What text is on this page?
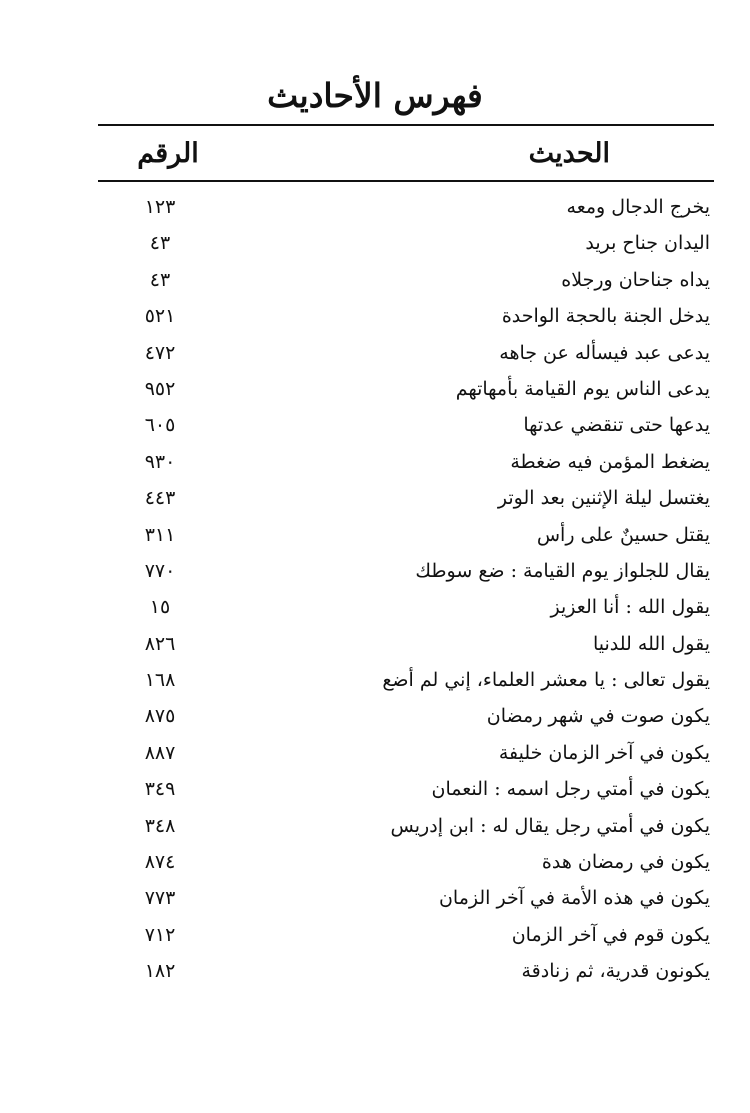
فهرس الأحاديث
الحديث
الرقم
يخرج الدجال ومعه
١٢٣
اليدان جناح بريد
٤٣
يداه جناحان ورجلاه
٤٣
يدخل الجنة بالحجة الواحدة
٥٢١
يدعى عبد فيسأله عن جاهه
٤٧٢
يدعى الناس يوم القيامة بأمهاتهم
٩٥٢
يدعها حتى تنقضي عدتها
٦٠٥
يضغط المؤمن فيه ضغطة
٩٣٠
يغتسل ليلة الإثنين بعد الوتر
٤٤٣
يقتل حسينٌ على رأس
٣١١
يقال للجلواز يوم القيامة : ضع سوطك
٧٧٠
يقول الله : أنا العزيز
١٥
يقول الله للدنيا
٨٢٦
يقول تعالى : يا معشر العلماء، إني لم أضع
١٦٨
يكون صوت في شهر رمضان
٨٧٥
يكون في آخر الزمان خليفة
٨٨٧
يكون في أمتي رجل اسمه : النعمان
٣٤٩
يكون في أمتي رجل يقال له : ابن إدريس
٣٤٨
يكون في رمضان هدة
٨٧٤
يكون في هذه الأمة في آخر الزمان
٧٧٣
يكون قوم في آخر الزمان
٧١٢
يكونون قدرية، ثم زنادقة
١٨٢
